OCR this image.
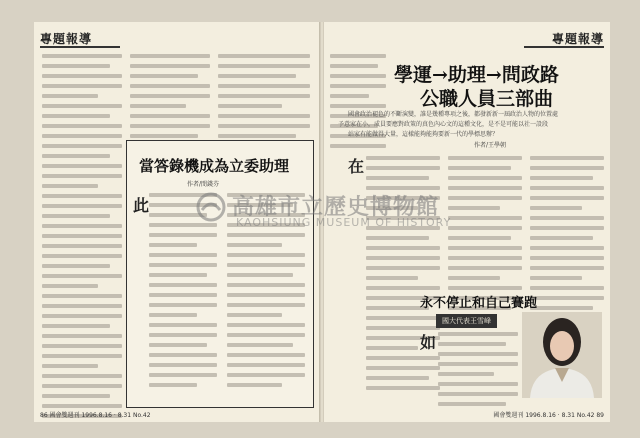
專題報導
當答錄機成為立委助理
作者/閔錢芬
此
86 國會雙週刊 1996.8.16 · 8.31 No.42
專題報導
學運→助理→問政路
公職人員三部曲
國會政治褪色的不斷演變，誰是幾種專項之後，都發新新一屆政治人物的位置處
予意家在小，成員要應對政策的真色內心文的這種文化，是不是可能以社一設段
站家有能做得大量，這樣能夠能夠要新一代的學標思辦？
作者/王學朝
在
永不停止和自己賽跑
國大代表王雪峰
如
國會雙週刊 1996.8.16 · 8.31 No.42 89
高雄市立歷史博物館
KAOHSIUNG MUSEUM OF HISTORY
